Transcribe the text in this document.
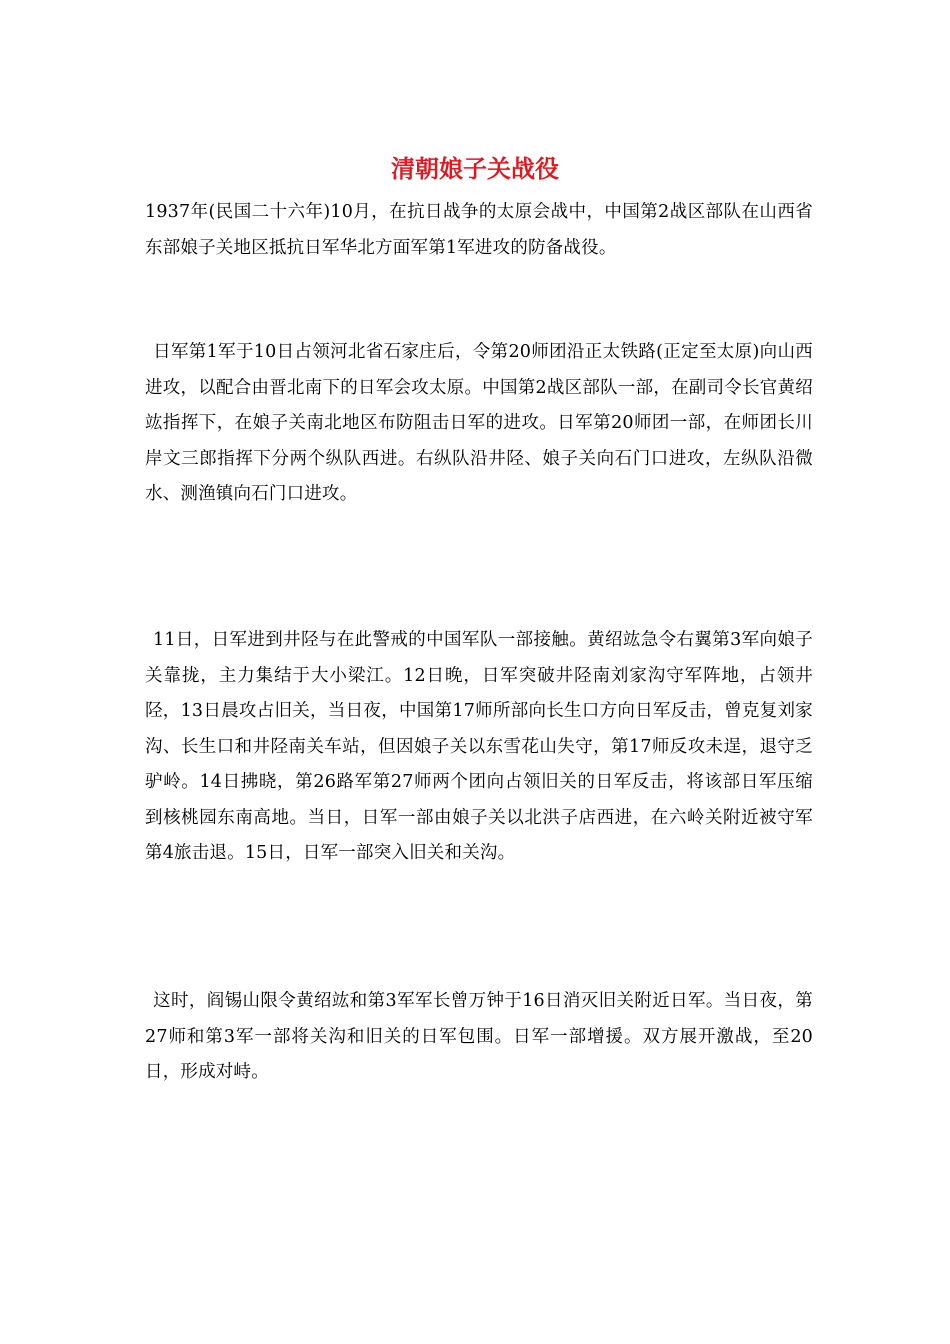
清朝娘子关战役

1937年(民国二十六年)10月，在抗日战争的太原会战中，中国第2战区部队在山西省东部娘子关地区抵抗日军华北方面军第1军进攻的防备战役。

日军第1军于10日占领河北省石家庄后，令第20师团沿正太铁路(正定至太原)向山西进攻，以配合由晋北南下的日军会攻太原。中国第2战区部队一部，在副司令长官黄绍竑指挥下，在娘子关南北地区布防阻击日军的进攻。日军第20师团一部，在师团长川岸文三郎指挥下分两个纵队西进。右纵队沿井陉、娘子关向石门口进攻，左纵队沿微水、测渔镇向石门口进攻。

11日，日军进到井陉与在此警戒的中国军队一部接触。黄绍竑急令右翼第3军向娘子关靠拢，主力集结于大小梁江。12日晚，日军突破井陉南刘家沟守军阵地，占领井陉，13日晨攻占旧关，当日夜，中国第17师所部向长生口方向日军反击，曾克复刘家沟、长生口和井陉南关车站，但因娘子关以东雪花山失守，第17师反攻未逞，退守乏驴岭。14日拂晓，第26路军第27师两个团向占领旧关的日军反击，将该部日军压缩到核桃园东南高地。当日，日军一部由娘子关以北洪子店西进，在六岭关附近被守军第4旅击退。15日，日军一部突入旧关和关沟。

这时，阎锡山限令黄绍竑和第3军军长曾万钟于16日消灭旧关附近日军。当日夜，第27师和第3军一部将关沟和旧关的日军包围。日军一部增援。双方展开激战，至20日，形成对峙。
